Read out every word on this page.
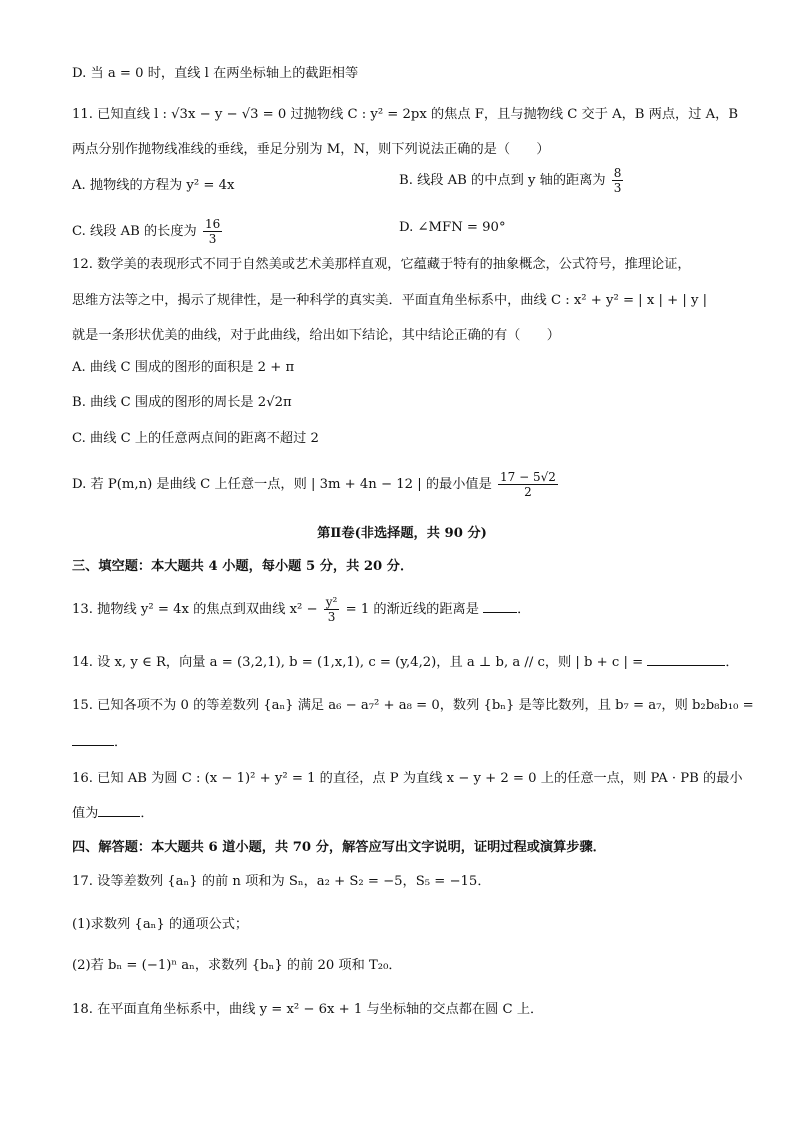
D. 当 a = 0 时，直线 l 在两坐标轴上的截距相等
11. 已知直线 l : √3x − y − √3 = 0 过抛物线 C : y² = 2px 的焦点 F，且与抛物线 C 交于 A，B 两点，过 A，B
两点分别作抛物线准线的垂线，垂足分别为 M，N，则下列说法正确的是（　　）
A. 抛物线的方程为 y² = 4x	B. 线段 AB 的中点到 y 轴的距离为 $\frac{8}{3}$
C. 线段 AB 的长度为 $\frac{16}{3}$	D. ∠MFN = 90°
12. 数学美的表现形式不同于自然美或艺术美那样直观，它蕴藏于特有的抽象概念，公式符号，推理论证，
思维方法等之中，揭示了规律性，是一种科学的真实美．平面直角坐标系中，曲线 C : x² + y² = | x | + | y |
就是一条形状优美的曲线，对于此曲线，给出如下结论，其中结论正确的有（　　）
A. 曲线 C 围成的图形的面积是 2 + π
B. 曲线 C 围成的图形的周长是 2√2π
C. 曲线 C 上的任意两点间的距离不超过 2
D. 若 P(m,n) 是曲线 C 上任意一点，则 | 3m + 4n − 12 | 的最小值是 $\frac{17 - 5√2}{2}$
第Ⅱ卷(非选择题，共 90 分)
三、填空题：本大题共 4 小题，每小题 5 分，共 20 分．
13. 抛物线 y² = 4x 的焦点到双曲线 $x^2 - \frac{\text{y²}}{3} = 1$ 的渐近线的距离是	．
14. 设 x, y ∈ R，向量 a = (3,2,1), b = (1,x,1), c = (y,4,2)，且 a ⊥ b, a // c，则 | b + c | =	．
15. 已知各项不为 0 的等差数列 {aₙ} 满足 a₆ − a₇² + a₈ = 0，数列 {bₙ} 是等比数列，且 b₇ = a₇，则 b₂b₈b₁₀ =
．
16. 已知 AB 为圆 C : (x − 1)² + y² = 1 的直径，点 P 为直线 x − y + 2 = 0 上的任意一点，则 PA · PB 的最小
值为	．
四、解答题：本大题共 6 道小题，共 70 分，解答应写出文字说明，证明过程或演算步骤．
17. 设等差数列 {aₙ} 的前 n 项和为 Sₙ，a₂ + S₂ = −5，S₅ = −15．
(1)求数列 {aₙ} 的通项公式；
(2)若 bₙ = (−1)ⁿ aₙ，求数列 {bₙ} 的前 20 项和 T₂₀．
18. 在平面直角坐标系中，曲线 y = x² − 6x + 1 与坐标轴的交点都在圆 C 上．
